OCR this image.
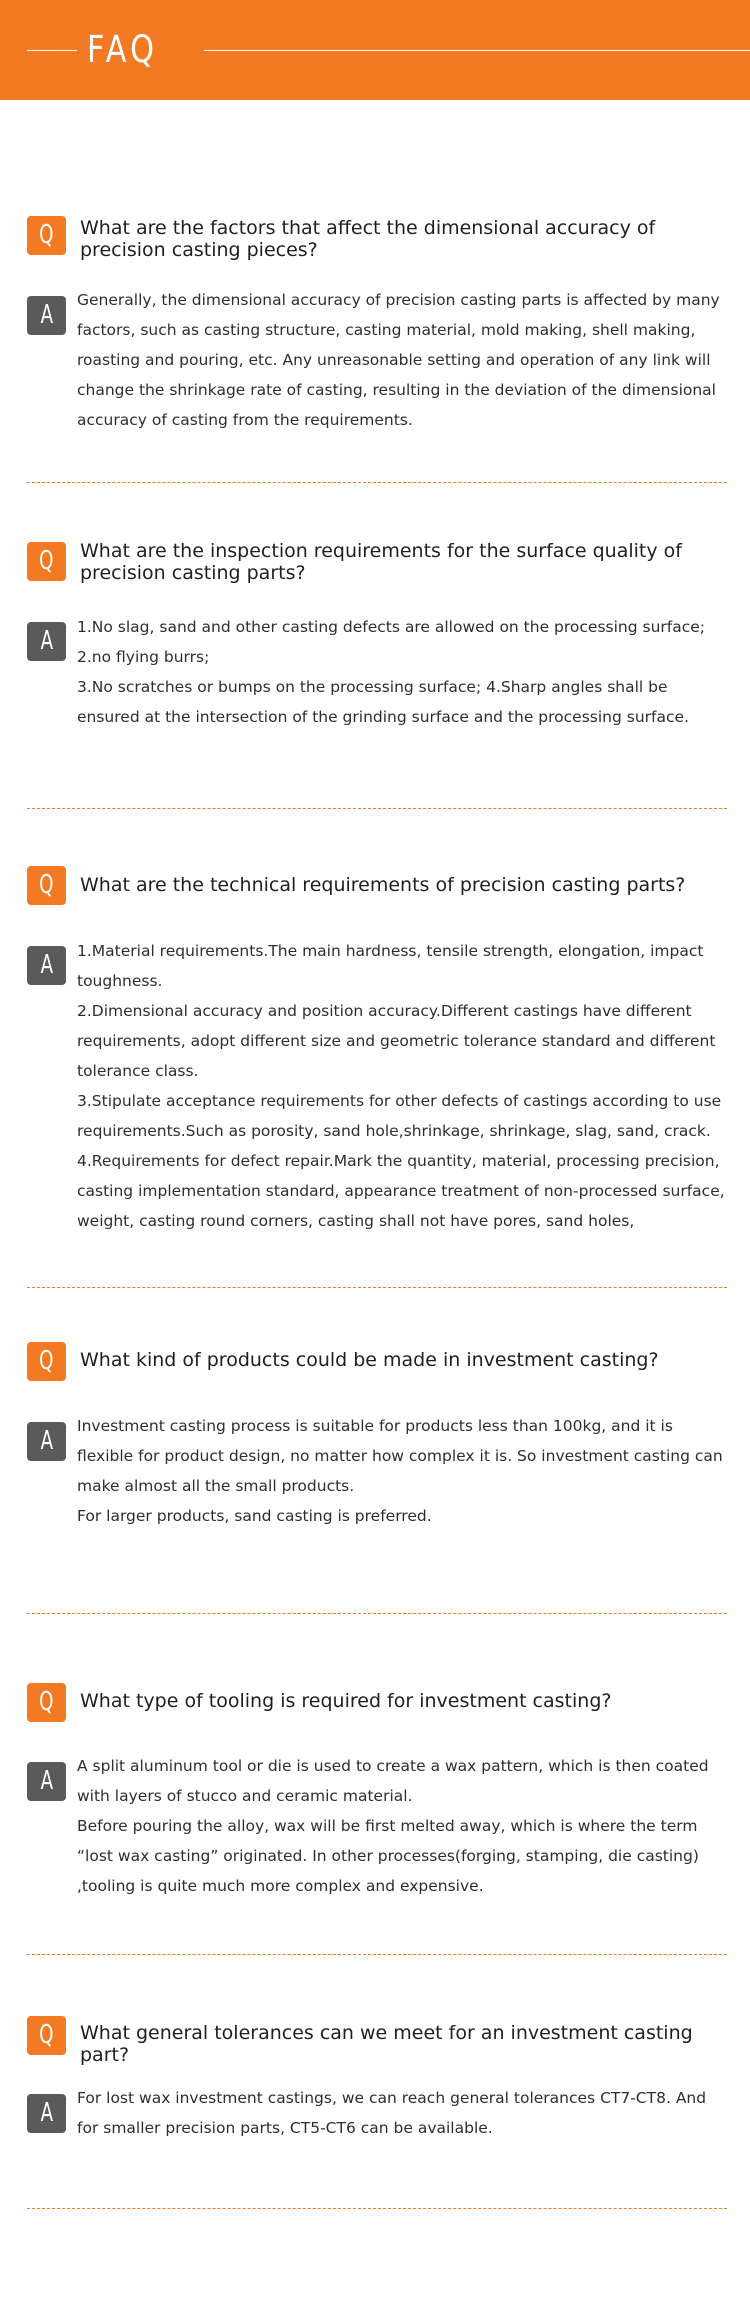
FAQ
Q	What are the factors that affect the dimensional accuracy of precision casting pieces?
A	Generally, the dimensional accuracy of precision casting parts is affected by many factors, such as casting structure, casting material, mold making, shell making, roasting and pouring, etc. Any unreasonable setting and operation of any link will change the shrinkage rate of casting, resulting in the deviation of the dimensional accuracy of casting from the requirements.

Q	What are the inspection requirements for the surface quality of precision casting parts?
A	1.No slag, sand and other casting defects are allowed on the processing surface;

2.no flying burrs;

3.No scratches or bumps on the processing surface; 4.Sharp angles shall be ensured at the intersection of the grinding surface and the processing surface.

Q	What are the technical requirements of precision casting parts?
A	1.Material requirements.The main hardness, tensile strength, elongation, impact toughness.

2.Dimensional accuracy and position accuracy.Different castings have different requirements, adopt different size and geometric tolerance standard and different tolerance class.

3.Stipulate acceptance requirements for other defects of castings according to use requirements.Such as porosity, sand hole,shrinkage, shrinkage, slag, sand, crack.

4.Requirements for defect repair.Mark the quantity, material, processing precision, casting implementation standard, appearance treatment of non-processed surface, weight, casting round corners, casting shall not have pores, sand holes,

Q	What kind of products could be made in investment casting?
A	Investment casting process is suitable for products less than 100kg, and it is flexible for product design, no matter how complex it is. So investment casting can make almost all the small products.

For larger products, sand casting is preferred.

Q	What type of tooling is required for investment casting?
A	A split aluminum tool or die is used to create a wax pattern, which is then coated with layers of stucco and ceramic material.

Before pouring the alloy, wax will be first melted away, which is where the term “lost wax casting” originated. In other processes(forging, stamping, die casting) ,tooling is quite much more complex and expensive.

Q	What general tolerances can we meet for an investment casting part?
A	For lost wax investment castings, we can reach general tolerances CT7-CT8. And for smaller precision parts, CT5-CT6 can be available.
